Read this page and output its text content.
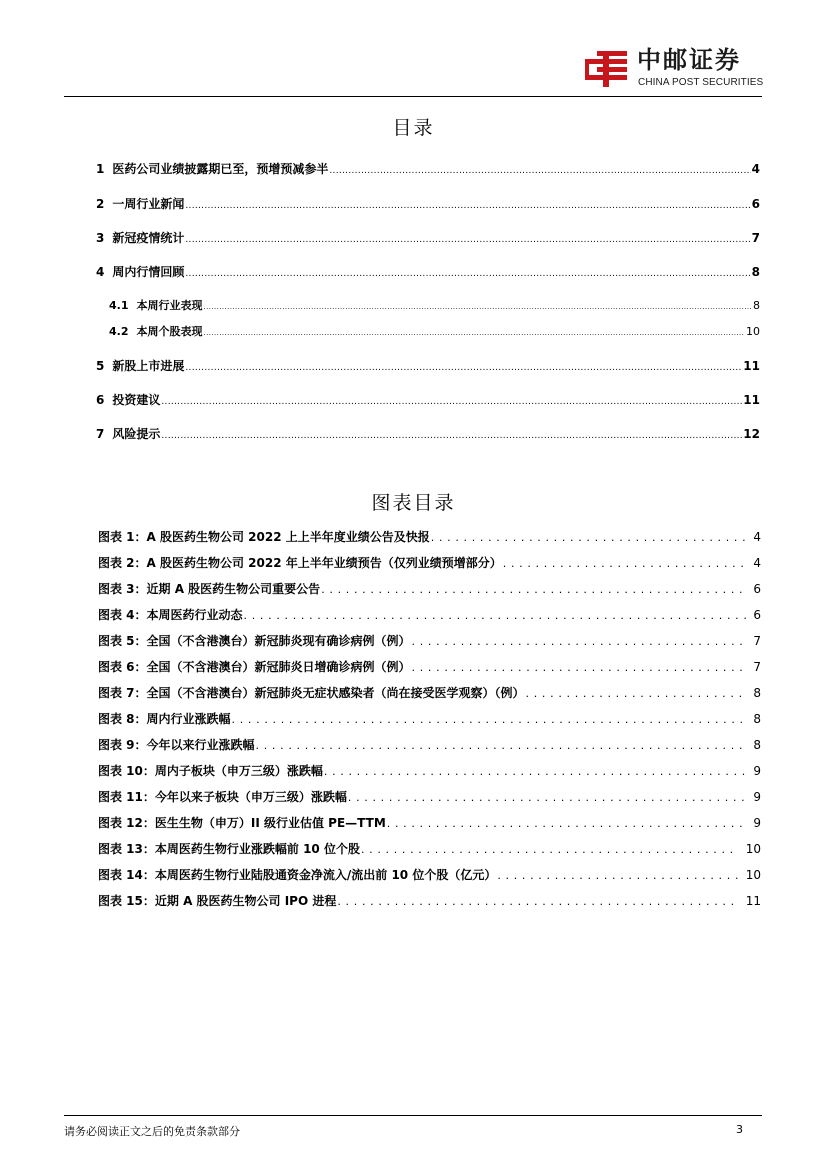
中邮证券
CHINA POST SECURITIES
目录
1 医药公司业绩披露期已至，预增预减参半 .....	4
2 一周行业新闻 .....	6
3 新冠疫情统计 .....	7
4 周内行情回顾 .....	8
4.1 本周行业表现 .....	8
4.2 本周个股表现 .....	10
5 新股上市进展 .....	11
6 投资建议 .....	11
7 风险提示 .....	12
图表目录
图表 1： A 股医药生物公司 2022 上上半年度业绩公告及快报 . . .	4
图表 2： A 股医药生物公司 2022 年上半年业绩预告（仅列业绩预增部分） . . .	4
图表 3： 近期 A 股医药生物公司重要公告 . . .	6
图表 4： 本周医药行业动态 . . .	6
图表 5： 全国（不含港澳台）新冠肺炎现有确诊病例（例） . . .	7
图表 6： 全国（不含港澳台）新冠肺炎日增确诊病例（例） . . .	7
图表 7： 全国（不含港澳台）新冠肺炎无症状感染者（尚在接受医学观察）（例） . . .	8
图表 8： 周内行业涨跌幅 . . .	8
图表 9： 今年以来行业涨跌幅 . . .	8
图表 10： 周内子板块（申万三级）涨跌幅 . . .	9
图表 11： 今年以来子板块（申万三级）涨跌幅 . . .	9
图表 12： 医生生物（申万）II 级行业估值 PE—TTM . . .	9
图表 13： 本周医药生物行业涨跌幅前 10 位个股 . . .	10
图表 14： 本周医药生物行业陆股通资金净流入/流出前 10 位个股（亿元） . . .	10
图表 15： 近期 A 股医药生物公司 IPO 进程 . . .	11
请务必阅读正文之后的免责条款部分	3
